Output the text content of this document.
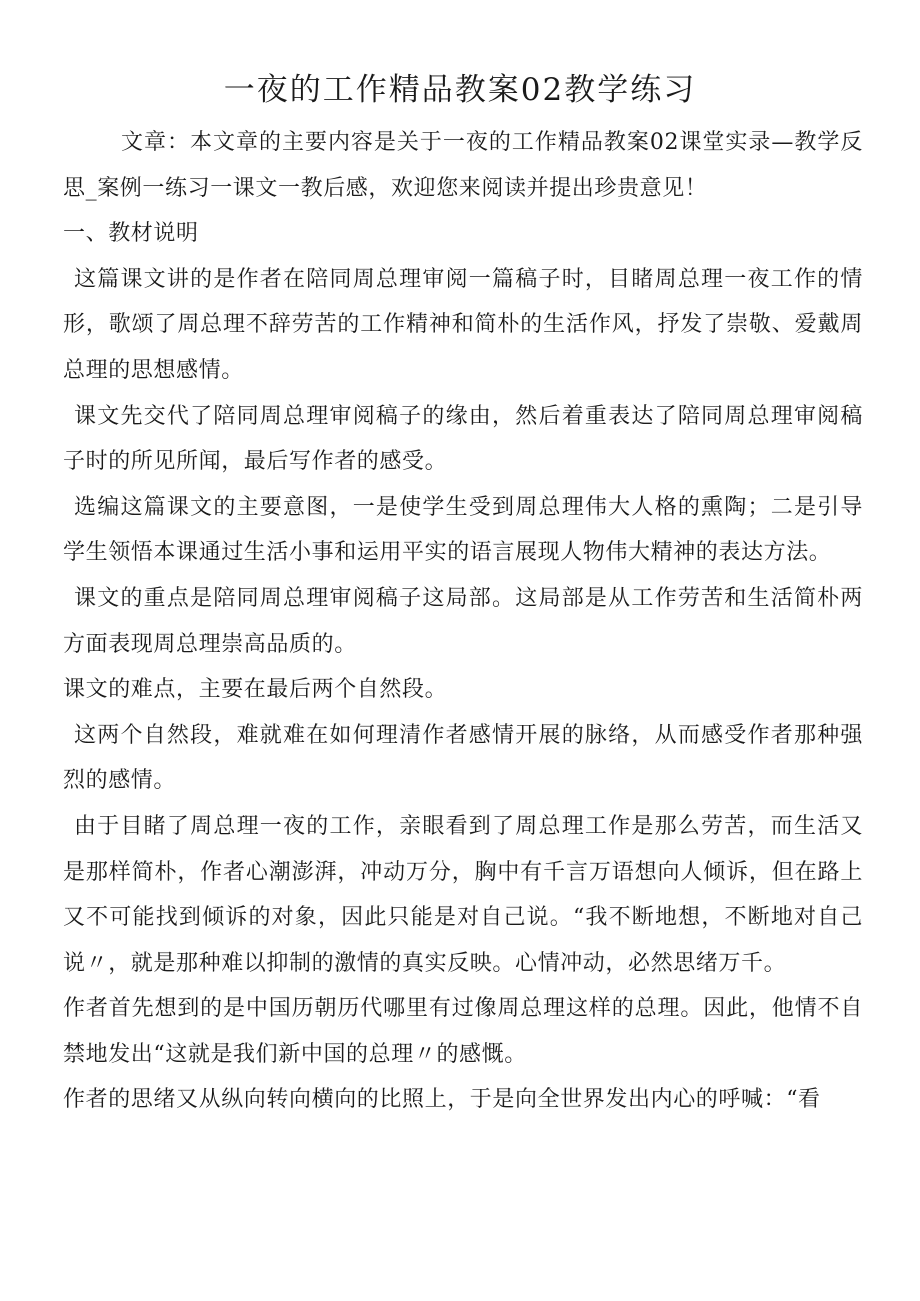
一夜的工作精品教案02教学练习

文章：本文章的主要内容是关于一夜的工作精品教案02课堂实录—教学反思_案例一练习一课文一教后感，欢迎您来阅读并提出珍贵意见！

一、教材说明

这篇课文讲的是作者在陪同周总理审阅一篇稿子时，目睹周总理一夜工作的情形，歌颂了周总理不辞劳苦的工作精神和简朴的生活作风，抒发了崇敬、爱戴周总理的思想感情。

课文先交代了陪同周总理审阅稿子的缘由，然后着重表达了陪同周总理审阅稿子时的所见所闻，最后写作者的感受。

选编这篇课文的主要意图，一是使学生受到周总理伟大人格的熏陶；二是引导学生领悟本课通过生活小事和运用平实的语言展现人物伟大精神的表达方法。

课文的重点是陪同周总理审阅稿子这局部。这局部是从工作劳苦和生活简朴两方面表现周总理崇高品质的。

课文的难点，主要在最后两个自然段。

这两个自然段，难就难在如何理清作者感情开展的脉络，从而感受作者那种强烈的感情。

由于目睹了周总理一夜的工作，亲眼看到了周总理工作是那么劳苦，而生活又是那样简朴，作者心潮澎湃，冲动万分，胸中有千言万语想向人倾诉，但在路上又不可能找到倾诉的对象，因此只能是对自己说。“我不断地想，不断地对自己说〃，就是那种难以抑制的激情的真实反映。心情冲动，必然思绪万千。

作者首先想到的是中国历朝历代哪里有过像周总理这样的总理。因此，他情不自禁地发出“这就是我们新中国的总理〃的感慨。

作者的思绪又从纵向转向横向的比照上，于是向全世界发出内心的呼喊：“看
